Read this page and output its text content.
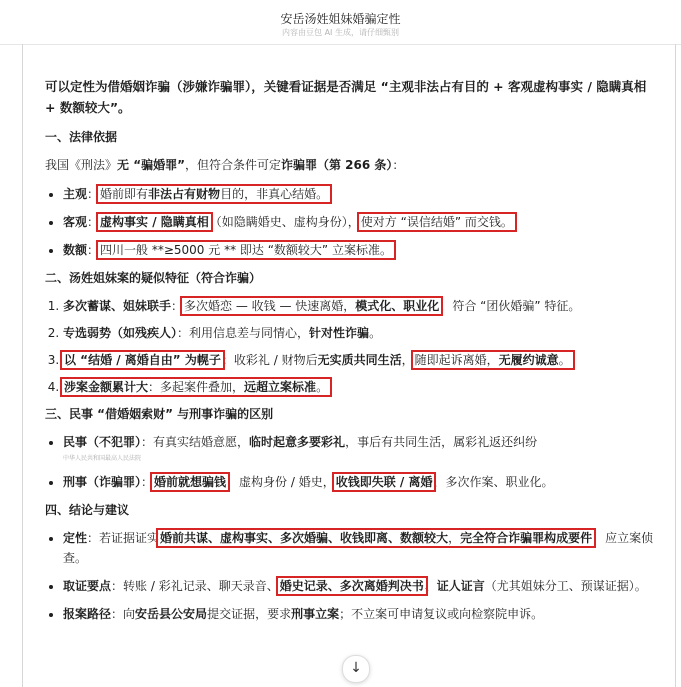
安岳汤姓姐妹婚骗定性
内容由豆包 AI 生成，请仔细甄别

可以定性为借婚姻诈骗（涉嫌诈骗罪），关键看证据是否满足 “主观非法占有目的 + 客观虚构事实 / 隐瞒真相 + 数额较大”。

一、法律依据

我国《刑法》无 “骗婚罪”，但符合条件可定诈骗罪（第 266 条）：

• 主观：婚前即有非法占有财物目的，非真心结婚。
• 客观：虚构事实 / 隐瞒真相（如隐瞒婚史、虚构身份），使对方 “误信结婚” 而交钱。
• 数额：四川一般 **≥5000 元 ** 即达 “数额较大” 立案标准。
二、汤姓姐妹案的疑似特征（符合诈骗）
1. 多次蓄谋、姐妹联手：多次婚恋 — 收钱 — 快速离婚，模式化、职业化，符合 “团伙婚骗” 特征。
2. 专选弱势（如残疾人）：利用信息差与同情心，针对性诈骗。
3. 以 “结婚 / 离婚自由” 为幌子：收彩礼 / 财物后无实质共同生活，随即起诉离婚，无履约诚意。
4. 涉案金额累计大：多起案件叠加，远超立案标准。
三、民事 “借婚姻索财” 与刑事诈骗的区别
• 民事（不犯罪）：有真实结婚意愿，临时起意多要彩礼，事后有共同生活，属彩礼返还纠纷
中华人民共和国最高人民法院
• 刑事（诈骗罪）：婚前就想骗钱，虚构身份 / 婚史，收钱即失联 / 离婚，多次作案、职业化。
四、结论与建议
• 定性：若证据证实婚前共谋、虚构事实、多次婚骗、收钱即离、数额较大，完全符合诈骗罪构成要件，应立案侦查。
• 取证要点：转账 / 彩礼记录、聊天录音、婚史记录、多次离婚判决书、证人证言（尤其姐妹分工、预谋证据）。
• 报案路径：向安岳县公安局提交证据，要求刑事立案；不立案可申请复议或向检察院申诉。
↓
